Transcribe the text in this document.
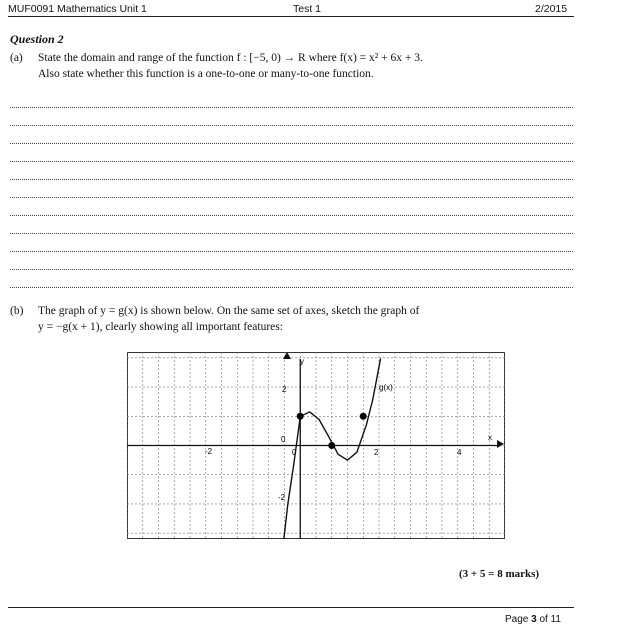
MUF0091 Mathematics Unit 1	Test 1	2/2015
Question 2
(a) State the domain and range of the function f : [−5, 0) → R where f(x) = x² + 6x + 3.
Also state whether this function is a one-to-one or many-to-one function.
(b) The graph of y = g(x) is shown below. On the same set of axes, sketch the graph of
y = −g(x + 1), clearly showing all important features:
y
x
-2	0	2	4
2
-2
0
g(x)
(3 + 5 = 8 marks)
Page 3 of 11
